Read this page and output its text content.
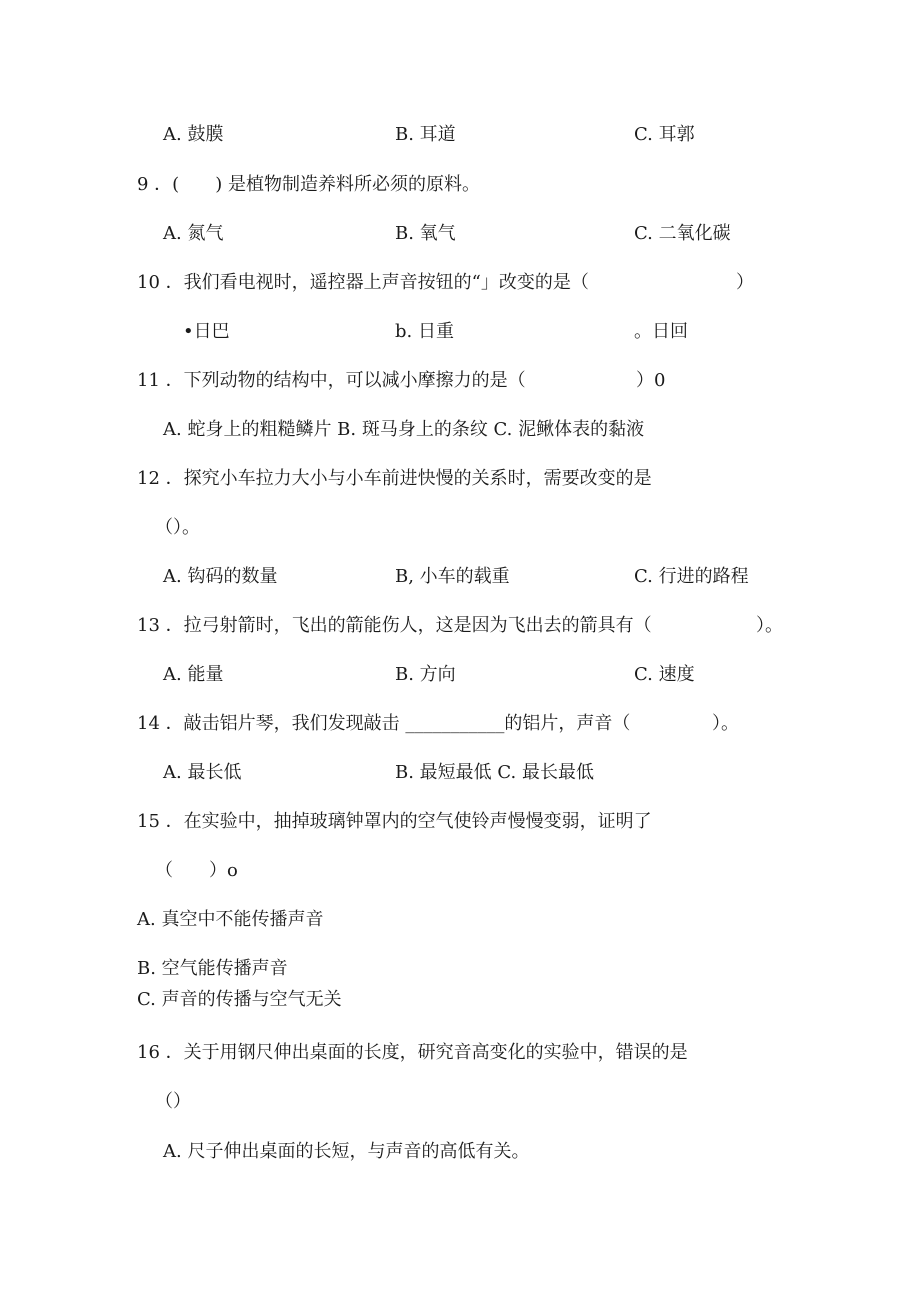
A. 鼓膜	B. 耳道	C. 耳郭
9 ．(　　) 是植物制造养料所必须的原料。
A. 氮气	B. 氧气	C. 二氧化碳
10 ．我们看电视时，遥控器上声音按钮的“」改变的是（	）
•日巴	b. 日重	。日回
11 ．下列动物的结构中，可以减小摩擦力的是（	）0
A. 蛇身上的粗糙鳞片 B. 斑马身上的条纹 C. 泥鳅体表的黏液
12 ．探究小车拉力大小与小车前进快慢的关系时，需要改变的是
（）。
A. 钩码的数量	B, 小车的载重	C. 行进的路程
13 ．拉弓射箭时，飞出的箭能伤人，这是因为飞出去的箭具有（	）。
A. 能量	B. 方向	C. 速度
14 ．敲击铝片琴，我们发现敲击 ___________的铝片，声音（	）。
A. 最长低	B. 最短最低 C. 最长最低
15 ．在实验中，抽掉玻璃钟罩内的空气使铃声慢慢变弱，证明了
（　　）o
A. 真空中不能传播声音
B. 空气能传播声音
C. 声音的传播与空气无关
16 ．关于用钢尺伸出桌面的长度，研究音高变化的实验中，错误的是
（）
A. 尺子伸出桌面的长短，与声音的高低有关。
